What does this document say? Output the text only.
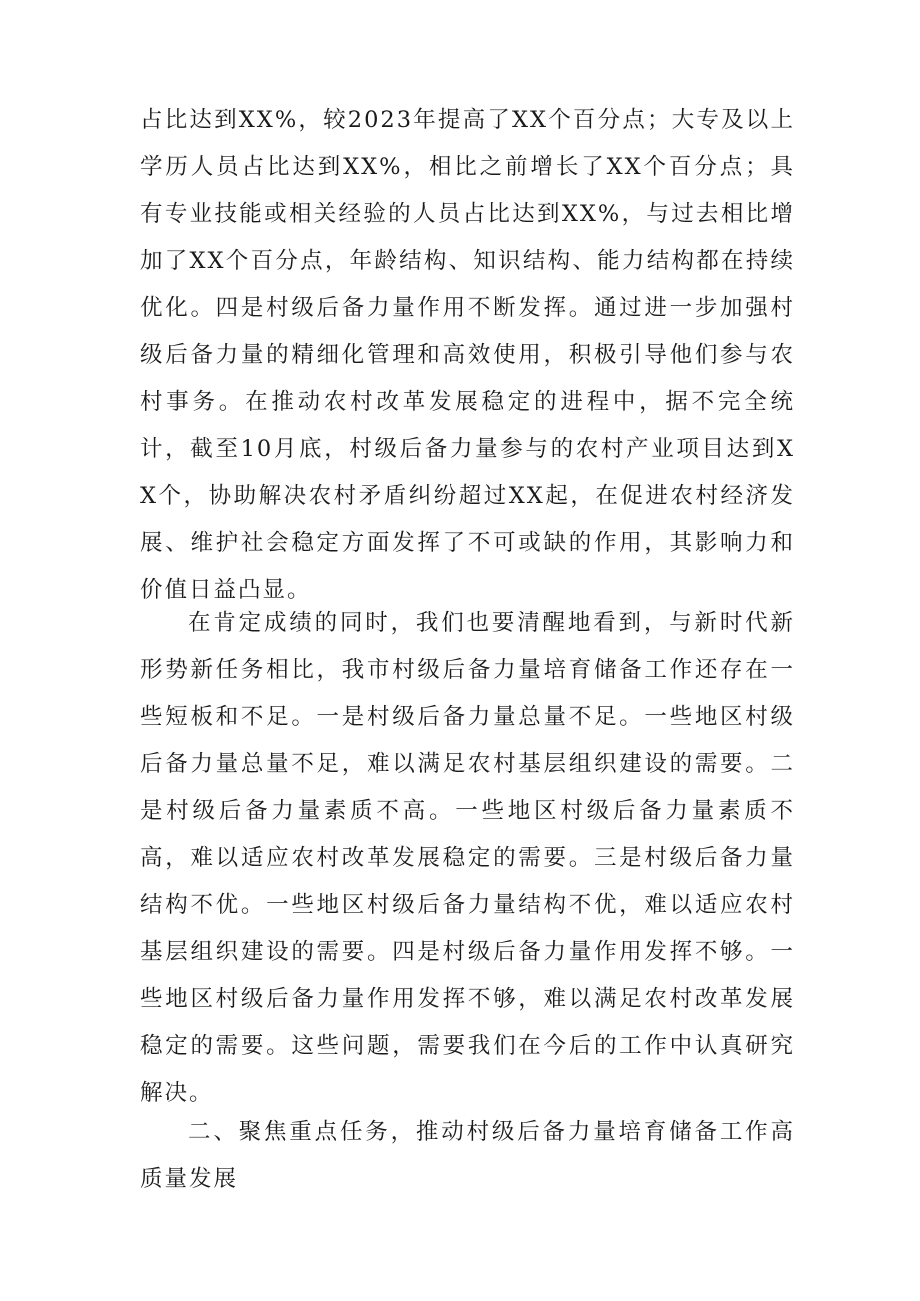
占比达到XX%，较2023年提高了XX个百分点；大专及以上学历人员占比达到XX%，相比之前增长了XX个百分点；具有专业技能或相关经验的人员占比达到XX%，与过去相比增加了XX个百分点，年龄结构、知识结构、能力结构都在持续优化。四是村级后备力量作用不断发挥。通过进一步加强村级后备力量的精细化管理和高效使用，积极引导他们参与农村事务。在推动农村改革发展稳定的进程中，据不完全统计，截至10月底，村级后备力量参与的农村产业项目达到XX个，协助解决农村矛盾纠纷超过XX起，在促进农村经济发展、维护社会稳定方面发挥了不可或缺的作用，其影响力和价值日益凸显。

在肯定成绩的同时，我们也要清醒地看到，与新时代新形势新任务相比，我市村级后备力量培育储备工作还存在一些短板和不足。一是村级后备力量总量不足。一些地区村级后备力量总量不足，难以满足农村基层组织建设的需要。二是村级后备力量素质不高。一些地区村级后备力量素质不高，难以适应农村改革发展稳定的需要。三是村级后备力量结构不优。一些地区村级后备力量结构不优，难以适应农村基层组织建设的需要。四是村级后备力量作用发挥不够。一些地区村级后备力量作用发挥不够，难以满足农村改革发展稳定的需要。这些问题，需要我们在今后的工作中认真研究解决。

二、聚焦重点任务，推动村级后备力量培育储备工作高质量发展
